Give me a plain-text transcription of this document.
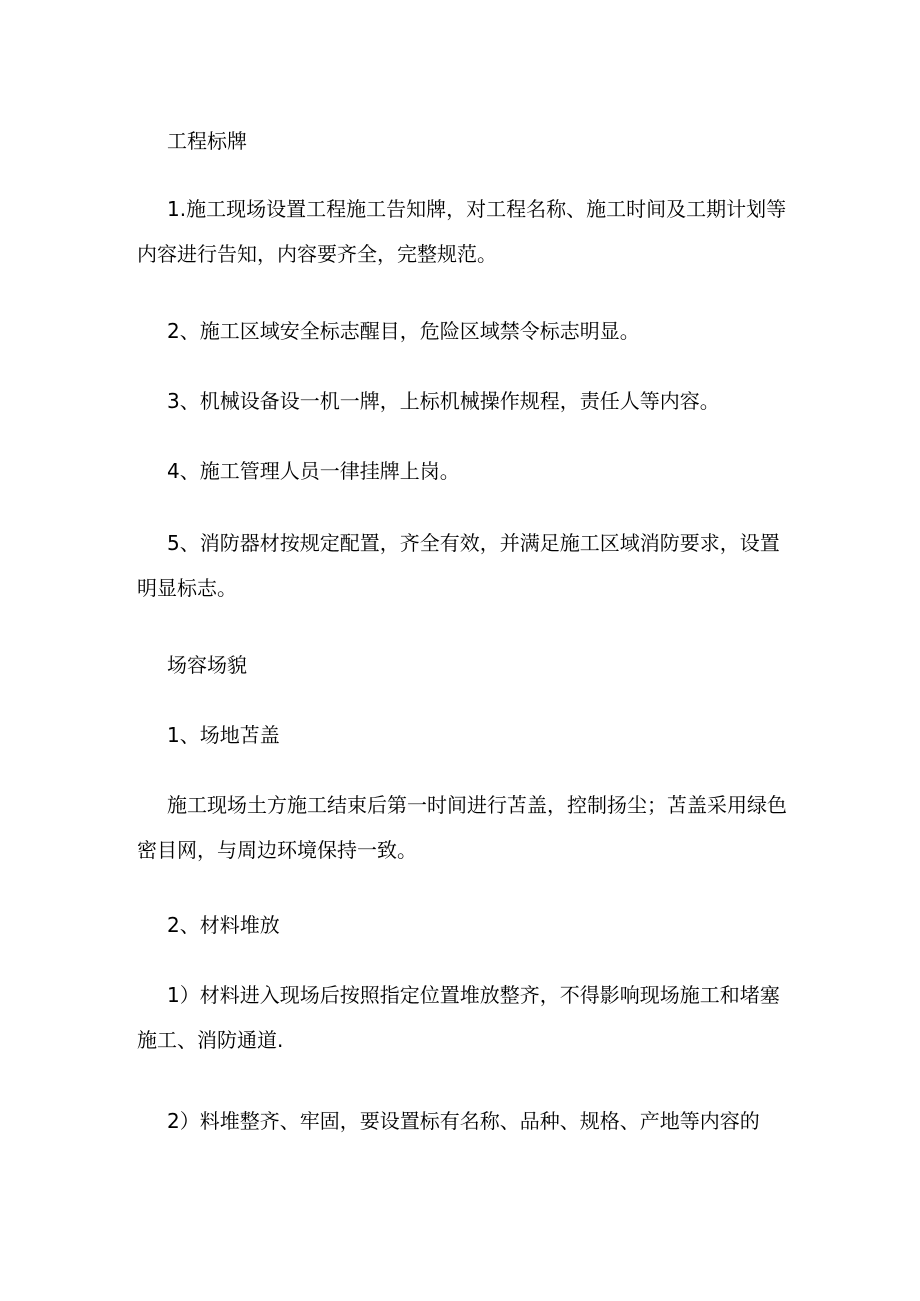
工程标牌

1.施工现场设置工程施工告知牌，对工程名称、施工时间及工期计划等内容进行告知，内容要齐全，完整规范。

2、施工区域安全标志醒目，危险区域禁令标志明显。

3、机械设备设一机一牌，上标机械操作规程，责任人等内容。

4、施工管理人员一律挂牌上岗。

5、消防器材按规定配置，齐全有效，并满足施工区域消防要求，设置明显标志。

场容场貌

1、场地苫盖

施工现场土方施工结束后第一时间进行苫盖，控制扬尘；苫盖采用绿色密目网，与周边环境保持一致。

2、材料堆放

1）材料进入现场后按照指定位置堆放整齐，不得影响现场施工和堵塞施工、消防通道.

2）料堆整齐、牢固，要设置标有名称、品种、规格、产地等内容的
